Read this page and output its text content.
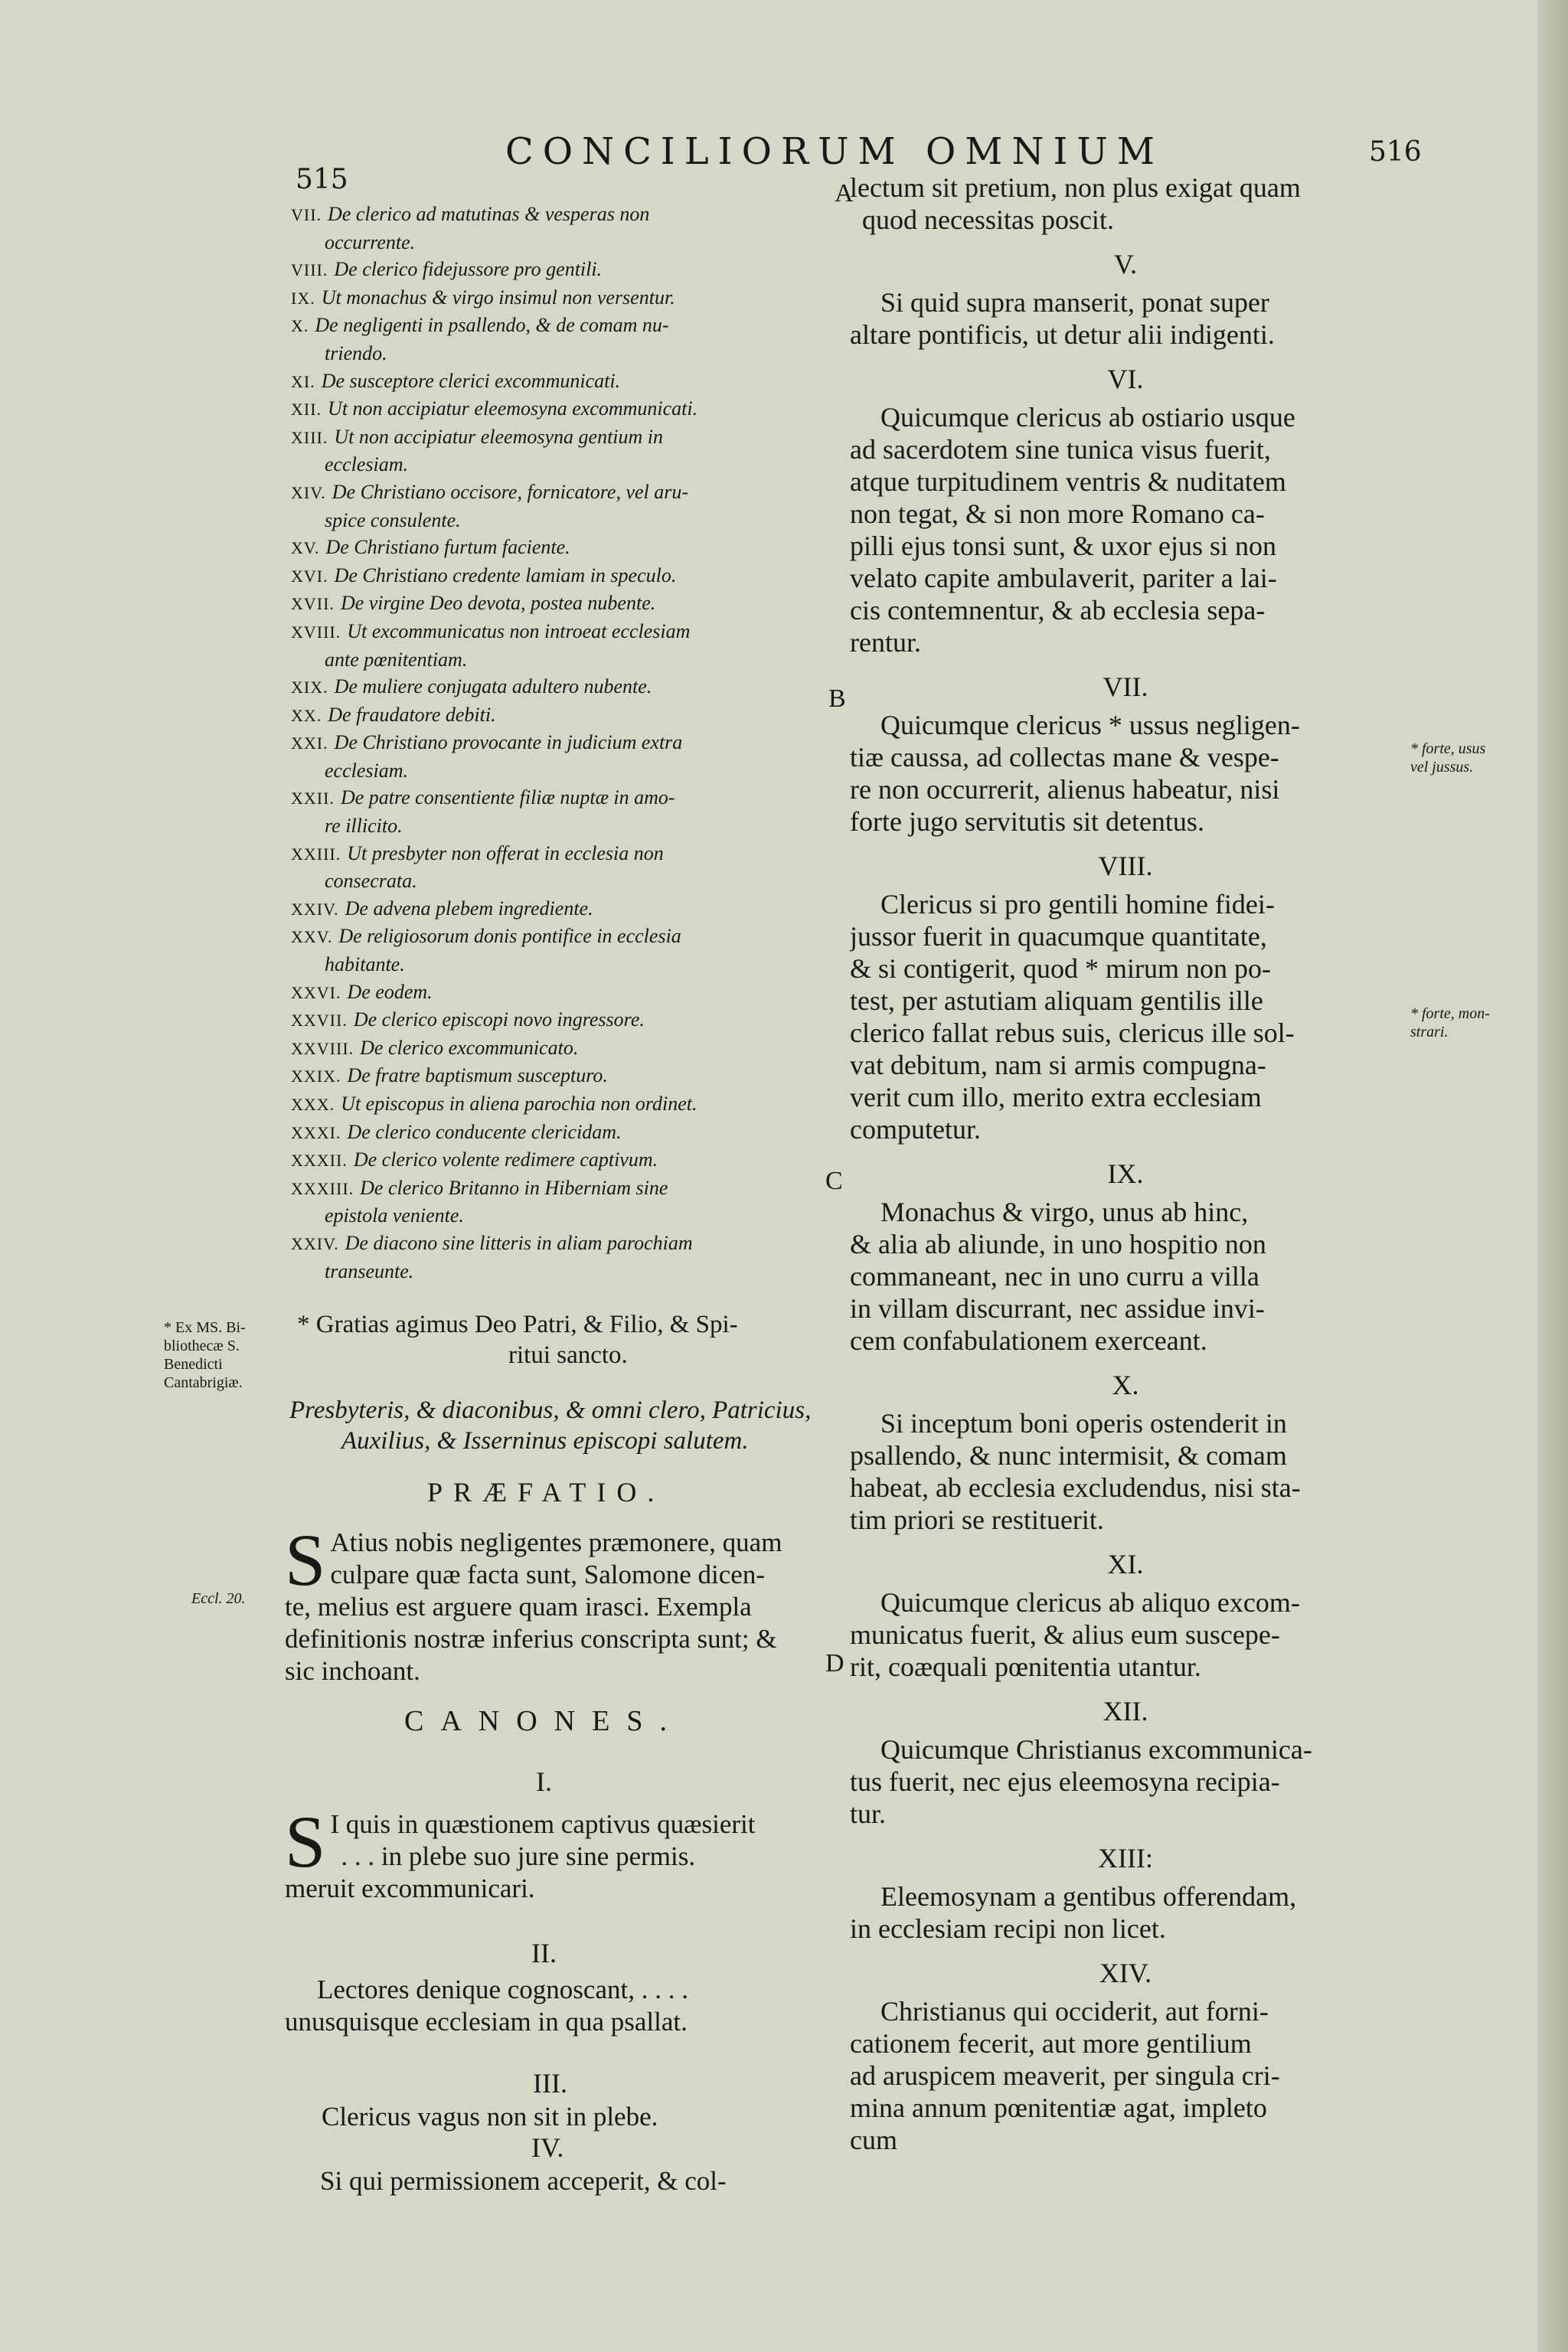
515
CONCILIORUM OMNIUM	516
VII. De clerico ad matutinas & vesperas non
occurrente.
VIII. De clerico fidejussore pro gentili.
IX. Ut monachus & virgo insimul non versentur.
X. De negligenti in psallendo, & de comam nu-
triendo.
XI. De susceptore clerici excommunicati.
XII. Ut non accipiatur eleemosyna excommunicati.
XIII. Ut non accipiatur eleemosyna gentium in
ecclesiam.
XIV. De Christiano occisore, fornicatore, vel aru-
spice consulente.
XV. De Christiano furtum faciente.
XVI. De Christiano credente lamiam in speculo.
XVII. De virgine Deo devota, postea nubente.
XVIII. Ut excommunicatus non introeat ecclesiam
ante pœnitentiam.
XIX. De muliere conjugata adultero nubente.
XX. De fraudatore debiti.
XXI. De Christiano provocante in judicium extra
ecclesiam.
XXII. De patre consentiente filiæ nuptæ in amo-
re illicito.
XXIII. Ut presbyter non offerat in ecclesia non
consecrata.
XXIV. De advena plebem ingrediente.
XXV. De religiosorum donis pontifice in ecclesia
habitante.
XXVI. De eodem.
XXVII. De clerico episcopi novo ingressore.
XXVIII. De clerico excommunicato.
XXIX. De fratre baptismum suscepturo.
XXX. Ut episcopus in aliena parochia non ordinet.
XXXI. De clerico conducente clericidam.
XXXII. De clerico volente redimere captivum.
XXXIII. De clerico Britanno in Hiberniam sine
epistola veniente.
XXIV. De diacono sine litteris in aliam parochiam
transeunte.
A
B
C
D
* Ex MS. Bi-
bliothecæ S.
Benedicti
Cantabrigiæ.
Eccl. 20.
* forte, usus
vel jussus.
* forte, mon-
strari.
* Gratias agimus Deo Patri, & Filio, & Spi-
ritui sancto.
Presbyteris, & diaconibus, & omni clero, Patricius,
Auxilius, & Isserninus episcopi salutem.
PRÆFATIO.
S Atius nobis negligentes præmonere, quam
culpare quæ facta sunt, Salomone dicen-
te, melius est arguere quam irasci. Exempla
definitionis nostræ inferius conscripta sunt; &
sic inchoant.
CANONES.
I.
S I quis in quæstionem captivus quæsierit
. . . in plebe suo jure sine permis.
meruit excommunicari.
II.
Lectores denique cognoscant, . . . .
unusquisque ecclesiam in qua psallat.
III.
Clericus vagus non sit in plebe.
IV.
Si qui permissionem acceperit, & col-
lectum sit pretium, non plus exigat quam
quod necessitas poscit.
V.
Si quid supra manserit, ponat super
altare pontificis, ut detur alii indigenti.
VI.
Quicumque clericus ab ostiario usque
ad sacerdotem sine tunica visus fuerit,
atque turpitudinem ventris & nuditatem
non tegat, & si non more Romano ca-
pilli ejus tonsi sunt, & uxor ejus si non
velato capite ambulaverit, pariter a lai-
cis contemnentur, & ab ecclesia sepa-
rentur.
VII.
Quicumque clericus * ussus negligen-
tiæ caussa, ad collectas mane & vespe-
re non occurrerit, alienus habeatur, nisi
forte jugo servitutis sit detentus.
VIII.
Clericus si pro gentili homine fidei-
jussor fuerit in quacumque quantitate,
& si contigerit, quod * mirum non po-
test, per astutiam aliquam gentilis ille
clerico fallat rebus suis, clericus ille sol-
vat debitum, nam si armis compugna-
verit cum illo, merito extra ecclesiam
computetur.
IX.
Monachus & virgo, unus ab hinc,
& alia ab aliunde, in uno hospitio non
commaneant, nec in uno curru a villa
in villam discurrant, nec assidue invi-
cem confabulationem exerceant.
X.
Si inceptum boni operis ostenderit in
psallendo, & nunc intermisit, & comam
habeat, ab ecclesia excludendus, nisi sta-
tim priori se restituerit.
XI.
Quicumque clericus ab aliquo excom-
municatus fuerit, & alius eum suscepe-
rit, coæquali pœnitentia utantur.
XII.
Quicumque Christianus excommunica-
tus fuerit, nec ejus eleemosyna recipia-
tur.
XIII:
Eleemosynam a gentibus offerendam,
in ecclesiam recipi non licet.
XIV.
Christianus qui occiderit, aut forni-
cationem fecerit, aut more gentilium
ad aruspicem meaverit, per singula cri-
mina annum pœnitentiæ agat, impleto
cum
